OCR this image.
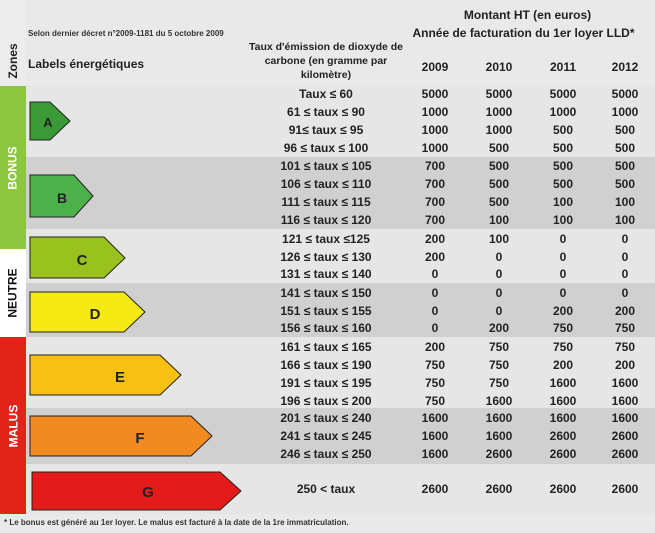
Zones
Selon dernier décret n°2009-1181 du 5 octobre 2009
Labels énergétiques
Taux d'émission de dioxyde de carbone (en gramme par kilomètre)
Montant HT (en euros)
Année de facturation du 1er loyer LLD*
2009	2010	2011	2012
BONUS
NEUTRE
MALUS
A
B
C
D
E
F
G
Taux ≤ 60	5000	5000	5000	5000
61 ≤ taux ≤ 90	1000	1000	1000	1000
91≤ taux ≤ 95	1000	1000	500	500
96 ≤ taux ≤ 100	1000	500	500	500
101 ≤ taux ≤ 105	700	500	500	500
106 ≤ taux ≤ 110	700	500	500	500
111 ≤ taux ≤ 115	700	500	100	100
116 ≤ taux ≤ 120	700	100	100	100
121 ≤ taux ≤125	200	100	0	0
126 ≤ taux ≤ 130	200	0	0	0
131 ≤ taux ≤ 140	0	0	0	0
141 ≤ taux ≤ 150	0	0	0	0
151 ≤ taux ≤ 155	0	0	200	200
156 ≤ taux ≤ 160	0	200	750	750
161 ≤ taux ≤ 165	200	750	750	750
166 ≤ taux ≤ 190	750	750	200	200
191 ≤ taux ≤ 195	750	750	1600	1600
196 ≤ taux ≤ 200	750	1600	1600	1600
201 ≤ taux ≤ 240	1600	1600	1600	1600
241 ≤ taux ≤ 245	1600	1600	2600	2600
246 ≤ taux ≤ 250	1600	2600	2600	2600
250 < taux	2600	2600	2600	2600
* Le bonus est généré au 1er loyer. Le malus est facturé à la date de la 1re immatriculation.
